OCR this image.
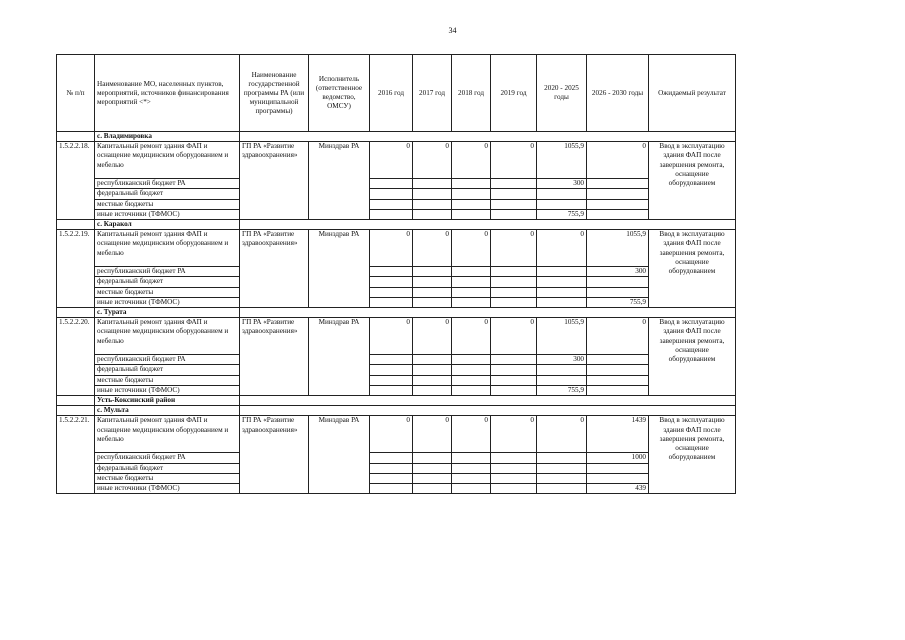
34
№ п/п	Наименование МО, населенных пунктов, мероприятий, источников финансирования мероприятий <*>	Наименование государственной программы РА (или муниципальной программы)	Исполнитель (ответственное ведомство, ОМСУ)	2016 год	2017 год	2018 год	2019 год	2020 - 2025 годы	2026 - 2030 годы	Ожидаемый результат
	с. Владимировка									
1.5.2.2.18.	Капитальный ремонт здания ФАП и оснащение медицинским оборудованием и мебелью	ГП РА «Развитие здравоохранения»	Минздрав РА	0	0	0	0	1055,9	0	Ввод в эксплуатацию здания ФАП после завершения ремонта, оснащение оборудованием
	республиканский бюджет РА							300		
	федеральный бюджет									
	местные бюджеты									
	иные источники (ТФМОС)							755,9		
	с. Каракол									
1.5.2.2.19.	Капитальный ремонт здания ФАП и оснащение медицинским оборудованием и мебелью	ГП РА «Развитие здравоохранения»	Минздрав РА	0	0	0	0	0	1055,9	Ввод в эксплуатацию здания ФАП после завершения ремонта, оснащение оборудованием
	республиканский бюджет РА								300	
	федеральный бюджет									
	местные бюджеты									
	иные источники (ТФМОС)								755,9	
	с. Турата									
1.5.2.2.20.	Капитальный ремонт здания ФАП и оснащение медицинским оборудованием и мебелью	ГП РА «Развитие здравоохранения»	Минздрав РА	0	0	0	0	1055,9	0	Ввод в эксплуатацию здания ФАП после завершения ремонта, оснащение оборудованием
	республиканский бюджет РА							300		
	федеральный бюджет									
	местные бюджеты									
	иные источники (ТФМОС)							755,9		
	Усть-Коксинский район									
	с. Мульта									
1.5.2.2.21.	Капитальный ремонт здания ФАП и оснащение медицинским оборудованием и мебелью	ГП РА «Развитие здравоохранения»	Минздрав РА	0	0	0	0	0	1439	Ввод в эксплуатацию здания ФАП после завершения ремонта, оснащение оборудованием
	республиканский бюджет РА								1000	
	федеральный бюджет									
	местные бюджеты									
	иные источники (ТФМОС)								439	
